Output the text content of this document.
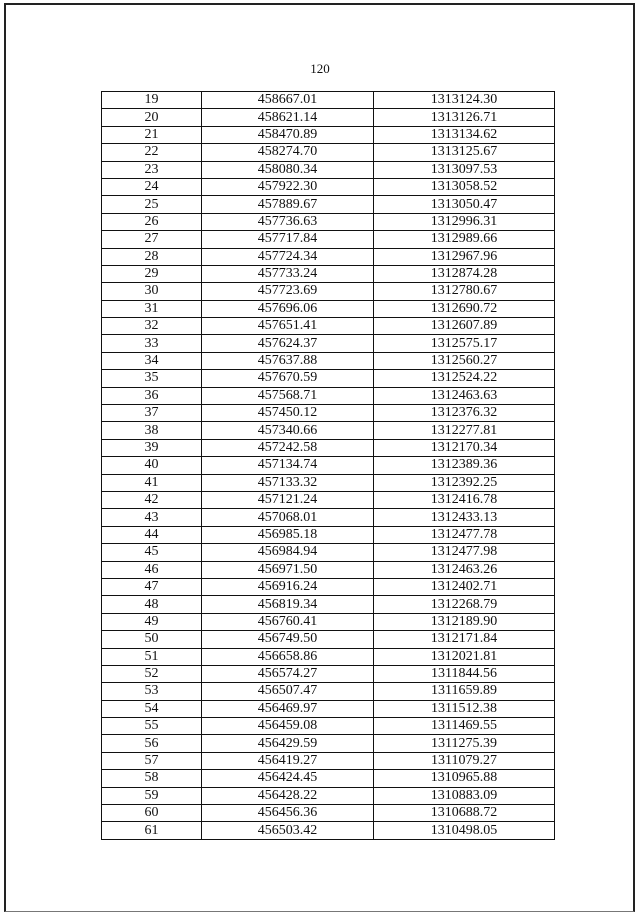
120
19	458667.01	1313124.30
20	458621.14	1313126.71
21	458470.89	1313134.62
22	458274.70	1313125.67
23	458080.34	1313097.53
24	457922.30	1313058.52
25	457889.67	1313050.47
26	457736.63	1312996.31
27	457717.84	1312989.66
28	457724.34	1312967.96
29	457733.24	1312874.28
30	457723.69	1312780.67
31	457696.06	1312690.72
32	457651.41	1312607.89
33	457624.37	1312575.17
34	457637.88	1312560.27
35	457670.59	1312524.22
36	457568.71	1312463.63
37	457450.12	1312376.32
38	457340.66	1312277.81
39	457242.58	1312170.34
40	457134.74	1312389.36
41	457133.32	1312392.25
42	457121.24	1312416.78
43	457068.01	1312433.13
44	456985.18	1312477.78
45	456984.94	1312477.98
46	456971.50	1312463.26
47	456916.24	1312402.71
48	456819.34	1312268.79
49	456760.41	1312189.90
50	456749.50	1312171.84
51	456658.86	1312021.81
52	456574.27	1311844.56
53	456507.47	1311659.89
54	456469.97	1311512.38
55	456459.08	1311469.55
56	456429.59	1311275.39
57	456419.27	1311079.27
58	456424.45	1310965.88
59	456428.22	1310883.09
60	456456.36	1310688.72
61	456503.42	1310498.05
